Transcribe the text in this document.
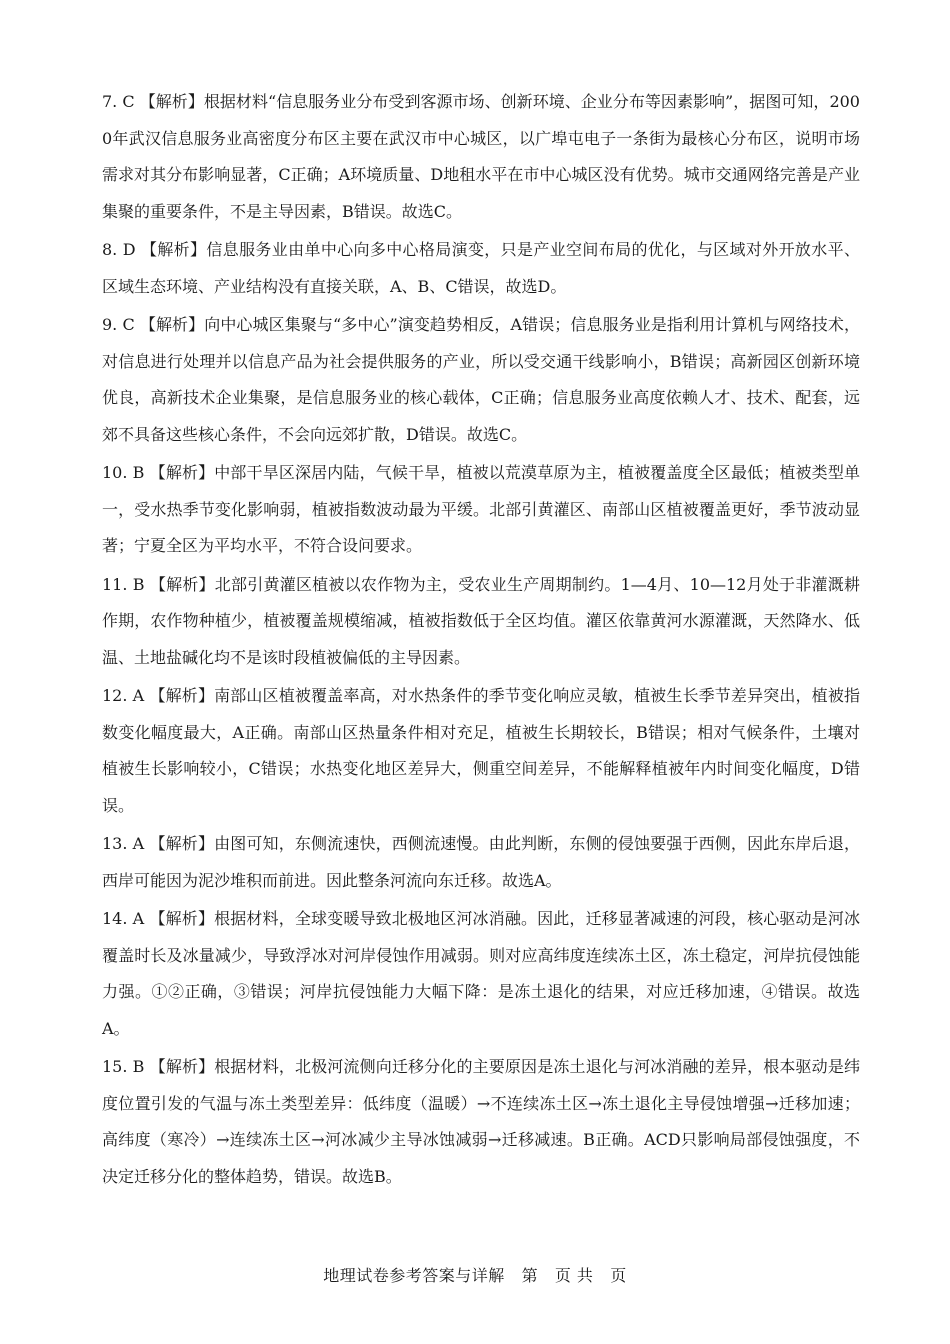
7. C 【解析】根据材料“信息服务业分布受到客源市场、创新环境、企业分布等因素影响”，据图可知，2000年武汉信息服务业高密度分布区主要在武汉市中心城区，以广埠屯电子一条街为最核心分布区，说明市场需求对其分布影响显著，C正确；A环境质量、D地租水平在市中心城区没有优势。城市交通网络完善是产业集聚的重要条件，不是主导因素，B错误。故选C。
8. D 【解析】信息服务业由单中心向多中心格局演变，只是产业空间布局的优化，与区域对外开放水平、区域生态环境、产业结构没有直接关联，A、B、C错误，故选D。
9. C 【解析】向中心城区集聚与“多中心”演变趋势相反，A错误；信息服务业是指利用计算机与网络技术，对信息进行处理并以信息产品为社会提供服务的产业，所以受交通干线影响小，B错误；高新园区创新环境优良，高新技术企业集聚，是信息服务业的核心载体，C正确；信息服务业高度依赖人才、技术、配套，远郊不具备这些核心条件，不会向远郊扩散，D错误。故选C。
10. B 【解析】中部干旱区深居内陆，气候干旱，植被以荒漠草原为主，植被覆盖度全区最低；植被类型单一，受水热季节变化影响弱，植被指数波动最为平缓。北部引黄灌区、南部山区植被覆盖更好，季节波动显著；宁夏全区为平均水平，不符合设问要求。
11. B 【解析】北部引黄灌区植被以农作物为主，受农业生产周期制约。1—4月、10—12月处于非灌溉耕作期，农作物种植少，植被覆盖规模缩减，植被指数低于全区均值。灌区依靠黄河水源灌溉，天然降水、低温、土地盐碱化均不是该时段植被偏低的主导因素。
12. A 【解析】南部山区植被覆盖率高，对水热条件的季节变化响应灵敏，植被生长季节差异突出，植被指数变化幅度最大，A正确。南部山区热量条件相对充足，植被生长期较长，B错误；相对气候条件，土壤对植被生长影响较小，C错误；水热变化地区差异大，侧重空间差异，不能解释植被年内时间变化幅度，D错误。
13. A 【解析】由图可知，东侧流速快，西侧流速慢。由此判断，东侧的侵蚀要强于西侧，因此东岸后退，西岸可能因为泥沙堆积而前进。因此整条河流向东迁移。故选A。
14. A 【解析】根据材料，全球变暖导致北极地区河冰消融。因此，迁移显著减速的河段，核心驱动是河冰覆盖时长及冰量减少，导致浮冰对河岸侵蚀作用减弱。则对应高纬度连续冻土区，冻土稳定，河岸抗侵蚀能力强。①②正确，③错误；河岸抗侵蚀能力大幅下降：是冻土退化的结果，对应迁移加速，④错误。故选A。
15. B 【解析】根据材料，北极河流侧向迁移分化的主要原因是冻土退化与河冰消融的差异，根本驱动是纬度位置引发的气温与冻土类型差异：低纬度（温暖）→不连续冻土区→冻土退化主导侵蚀增强→迁移加速；高纬度（寒冷）→连续冻土区→河冰减少主导冰蚀减弱→迁移减速。B正确。ACD只影响局部侵蚀强度，不决定迁移分化的整体趋势，错误。故选B。
地理试卷参考答案与详解 第 页 共 页
